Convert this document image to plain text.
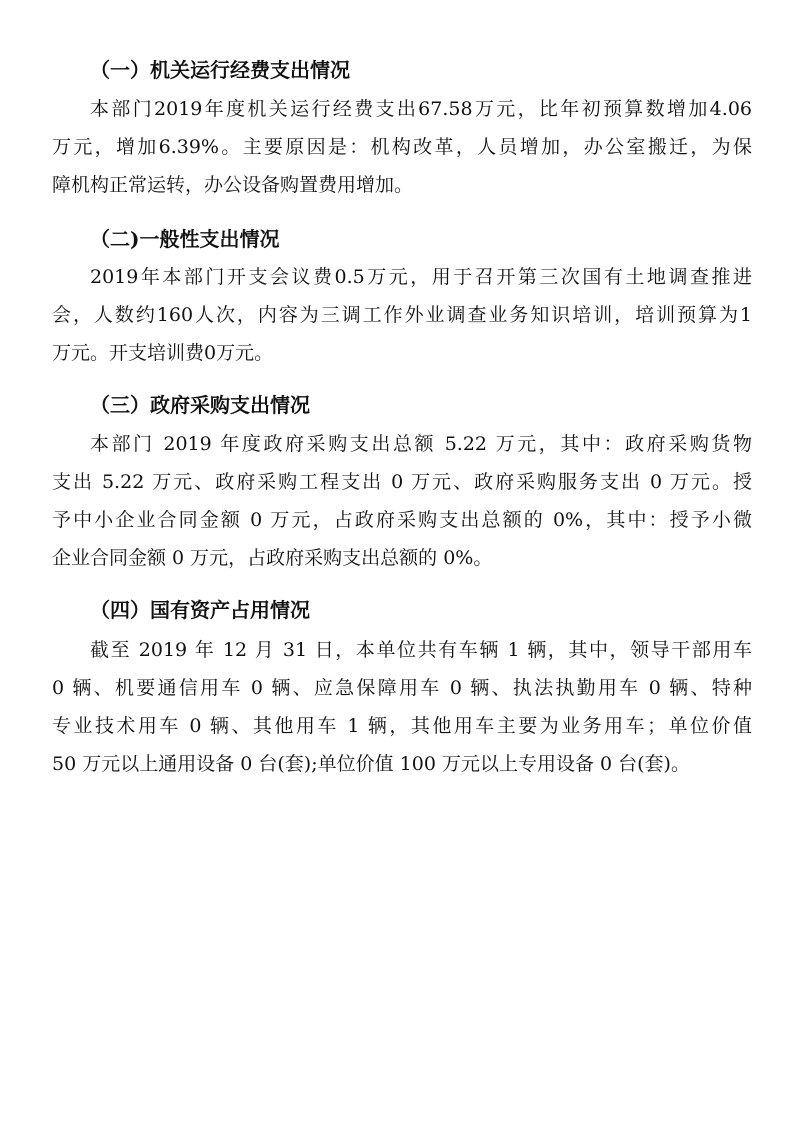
（一）机关运行经费支出情况
本部门2019年度机关运行经费支出67.58万元，比年初预算数增加4.06
万元，增加6.39%。主要原因是：机构改革，人员增加，办公室搬迁，为保
障机构正常运转，办公设备购置费用增加。
（二)一般性支出情况
2019年本部门开支会议费0.5万元，用于召开第三次国有土地调查推进
会，人数约160人次，内容为三调工作外业调查业务知识培训，培训预算为1
万元。开支培训费0万元。
（三）政府采购支出情况
本部门 2019 年度政府采购支出总额 5.22 万元，其中：政府采购货物
支出 5.22 万元、政府采购工程支出 0 万元、政府采购服务支出 0 万元。授
予中小企业合同金额 0 万元，占政府采购支出总额的 0%，其中：授予小微
企业合同金额 0 万元，占政府采购支出总额的 0%。
（四）国有资产占用情况
截至 2019 年 12 月 31 日，本单位共有车辆 1 辆，其中，领导干部用车
0 辆、机要通信用车 0 辆、应急保障用车 0 辆、执法执勤用车 0 辆、特种
专业技术用车 0 辆、其他用车 1 辆，其他用车主要为业务用车；单位价值
50 万元以上通用设备 0 台(套);单位价值 100 万元以上专用设备 0 台(套)。
